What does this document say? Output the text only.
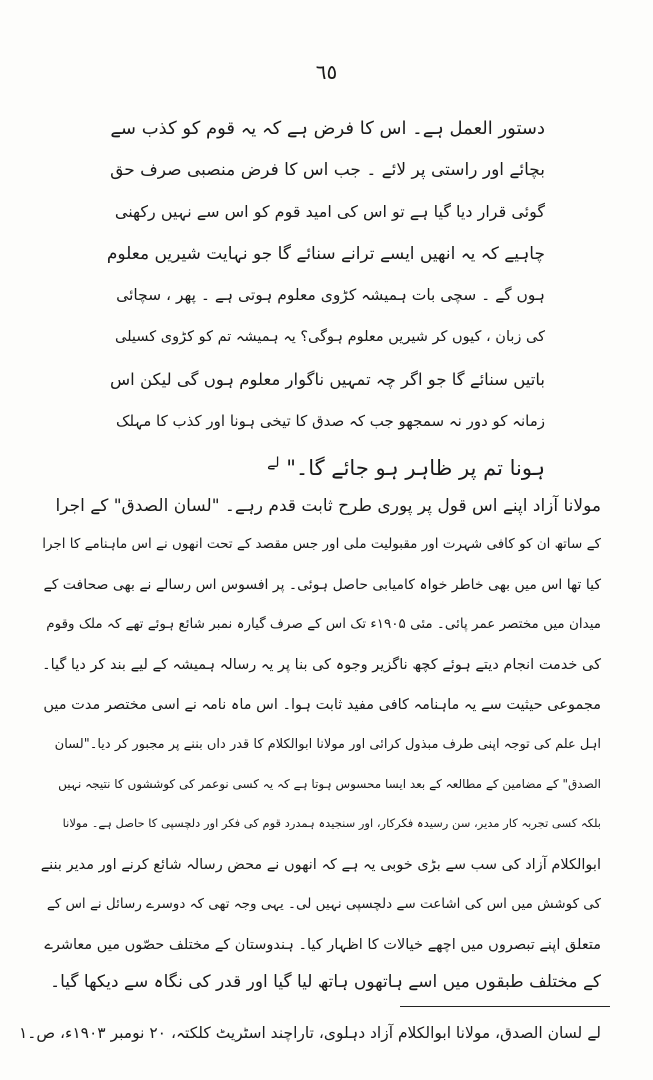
٦٥
دستور العمل ہے۔ اس کا فرض ہے کہ یہ قوم کو کذب سے
بچائے اور راستی پر لائے ۔ جب اس کا فرض منصبی صرف حق
گوئی قرار دیا گیا ہے تو اس کی امید قوم کو اس سے نہیں رکھنی
چاہیے کہ یہ انھیں ایسے ترانے سنائے گا جو نہایت شیریں معلوم
ہوں گے ۔ سچی بات ہمیشہ کڑوی معلوم ہوتی ہے ۔ پھر ، سچائی
کی زبان ، کیوں کر شیریں معلوم ہوگی؟ یہ ہمیشہ تم کو کڑوی کسیلی
باتیں سنائے گا جو اگر چہ تمہیں ناگوار معلوم ہوں گی لیکن اس
زمانہ کو دور نہ سمجھو جب کہ صدق کا تیخی ہونا اور کذب کا مہلک
ہونا تم پر ظاہر ہو جائے گا۔" $^{لے}$
مولانا آزاد اپنے اس قول پر پوری طرح ثابت قدم رہے۔ "لسان الصدق" کے اجرا
کے ساتھ ان کو کافی شہرت اور مقبولیت ملی اور جس مقصد کے تحت انھوں نے اس ماہنامے کا اجرا
کیا تھا اس میں بھی خاطر خواہ کامیابی حاصل ہوئی۔ پر افسوس اس رسالے نے بھی صحافت کے
میدان میں مختصر عمر پائی۔ مئی ۱۹۰۵ء تک اس کے صرف گیارہ نمبر شائع ہوئے تھے کہ ملک وقوم
کی خدمت انجام دیتے ہوئے کچھ ناگزیر وجوہ کی بنا پر یہ رسالہ ہمیشہ کے لیے بند کر دیا گیا۔
مجموعی حیثیت سے یہ ماہنامہ کافی مفید ثابت ہوا۔ اس ماہ نامہ نے اسی مختصر مدت میں
اہل علم کی توجہ اپنی طرف مبذول کرائی اور مولانا ابوالکلام کا قدر داں بننے پر مجبور کر دیا۔"لسان
الصدق" کے مضامین کے مطالعہ کے بعد ایسا محسوس ہوتا ہے کہ یہ کسی نوعمر کی کوششوں کا نتیجہ نہیں
بلکہ کسی تجربہ کار مدیر، سن رسیدہ فکرکار، اور سنجیدہ ہمدرد قوم کی فکر اور دلچسپی کا حاصل ہے۔ مولانا
ابوالکلام آزاد کی سب سے بڑی خوبی یہ ہے کہ انھوں نے محض رسالہ شائع کرنے اور مدیر بننے
کی کوشش میں اس کی اشاعت سے دلچسپی نہیں لی۔ یہی وجہ تھی کہ دوسرے رسائل نے اس کے
متعلق اپنے تبصروں میں اچھے خیالات کا اظہار کیا۔ ہندوستان کے مختلف حصّوں میں معاشرے
کے مختلف طبقوں میں اسے ہاتھوں ہاتھ لیا گیا اور قدر کی نگاہ سے دیکھا گیا۔
لے لسان الصدق، مولانا ابوالکلام آزاد دہلوی، تاراچند اسٹریٹ کلکتہ، ۲۰ نومبر ۱۹۰۳ء، ص۔۱
